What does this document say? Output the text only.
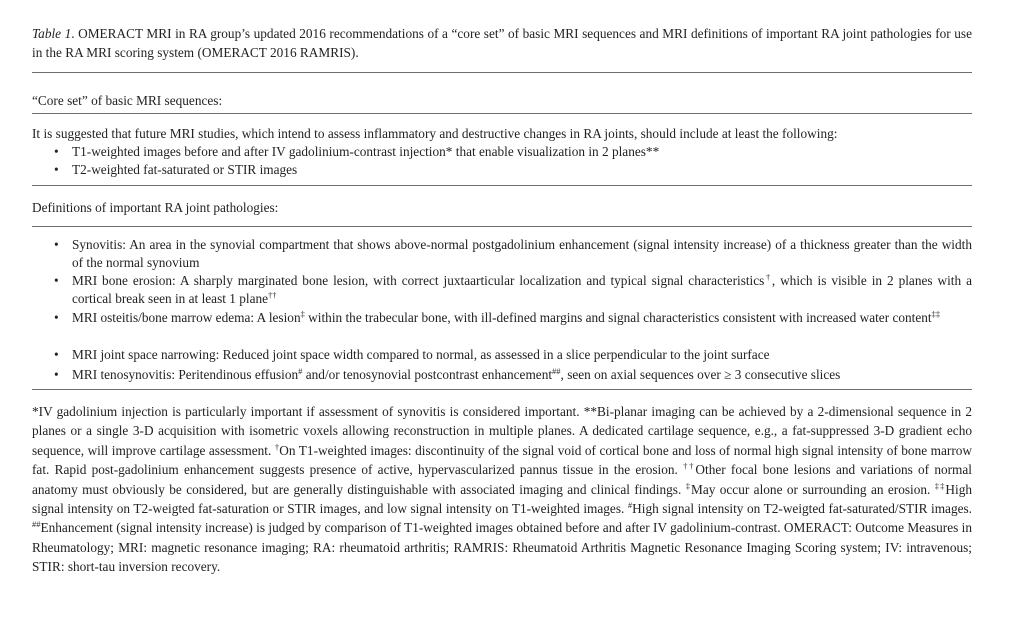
Table 1. OMERACT MRI in RA group’s updated 2016 recommendations of a “core set” of basic MRI sequences and MRI definitions of important RA joint pathologies for use in the RA MRI scoring system (OMERACT 2016 RAMRIS).
“Core set” of basic MRI sequences:
It is suggested that future MRI studies, which intend to assess inflammatory and destructive changes in RA joints, should include at least the following:
•	T1-weighted images before and after IV gadolinium-contrast injection* that enable visualization in 2 planes**
•	T2-weighted fat-saturated or STIR images
Definitions of important RA joint pathologies:
•	Synovitis: An area in the synovial compartment that shows above-normal postgadolinium enhancement (signal intensity increase) of a thickness greater than the width of the normal synovium
•	MRI bone erosion: A sharply marginated bone lesion, with correct juxtaarticular localization and typical signal characteristics†, which is visible in 2 planes with a cortical break seen in at least 1 plane††
•	MRI osteitis/bone marrow edema: A lesion‡ within the trabecular bone, with ill-defined margins and signal characteristics consistent with increased water content‡‡
•	MRI joint space narrowing: Reduced joint space width compared to normal, as assessed in a slice perpendicular to the joint surface
•	MRI tenosynovitis: Peritendinous effusion# and/or tenosynovial postcontrast enhancement##, seen on axial sequences over ≥ 3 consecutive slices
*IV gadolinium injection is particularly important if assessment of synovitis is considered important. **Bi-planar imaging can be achieved by a 2-dimensional sequence in 2 planes or a single 3-D acquisition with isometric voxels allowing reconstruction in multiple planes. A dedicated cartilage sequence, e.g., a fat-suppressed 3-D gradient echo sequence, will improve cartilage assessment. †On T1-weighted images: discontinuity of the signal void of cortical bone and loss of normal high signal intensity of bone marrow fat. Rapid post-gadolinium enhancement suggests presence of active, hypervascularized pannus tissue in the erosion. ††Other focal bone lesions and variations of normal anatomy must obviously be considered, but are generally distinguishable with associated imaging and clinical findings. ‡May occur alone or surrounding an erosion. ‡‡High signal intensity on T2-weigted fat-saturation or STIR images, and low signal intensity on T1-weighted images. #High signal intensity on T2-weigted fat-saturated/STIR images. ##Enhancement (signal intensity increase) is judged by comparison of T1-weighted images obtained before and after IV gadolinium-contrast. OMERACT: Outcome Measures in Rheumatology; MRI: magnetic resonance imaging; RA: rheumatoid arthritis; RAMRIS: Rheumatoid Arthritis Magnetic Resonance Imaging Scoring system; IV: intravenous; STIR: short-tau inversion recovery.
